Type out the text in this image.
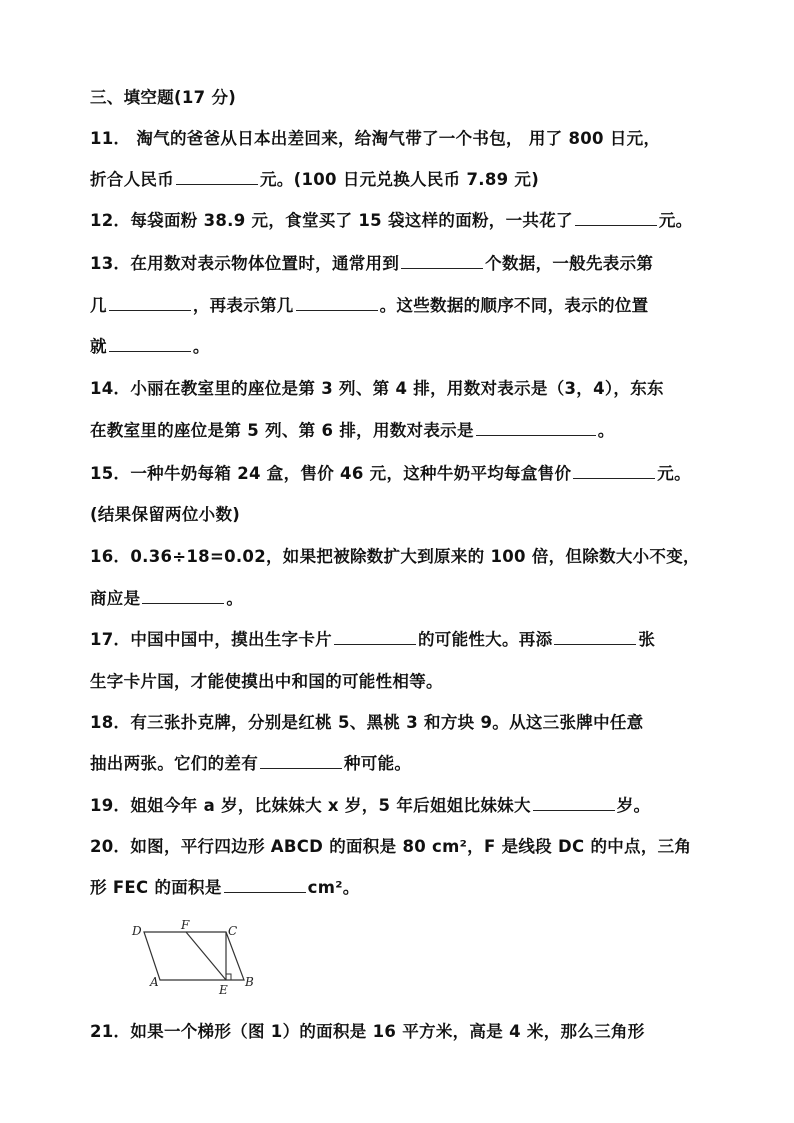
三、填空题(17 分)
11． 淘气的爸爸从日本出差回来，给淘气带了一个书包， 用了 800 日元，
折合人民币	元。(100 日元兑换人民币 7.89 元)
12．每袋面粉 38.9 元，食堂买了 15 袋这样的面粉，一共花了	元。
13．在用数对表示物体位置时，通常用到	个数据，一般先表示第
几	，再表示第几	。这些数据的顺序不同，表示的位置
就	。
14．小丽在教室里的座位是第 3 列、第 4 排，用数对表示是（3，4），东东
在教室里的座位是第 5 列、第 6 排，用数对表示是	。
15．一种牛奶每箱 24 盒，售价 46 元，这种牛奶平均每盒售价	元。
(结果保留两位小数)
16．0.36÷18=0.02，如果把被除数扩大到原来的 100 倍，但除数大小不变，
商应是	。
17．中国中国中，摸出生字卡片	的可能性大。再添	张
生字卡片国，才能使摸出中和国的可能性相等。
18．有三张扑克牌，分别是红桃 5、黑桃 3 和方块 9。从这三张牌中任意
抽出两张。它们的差有	种可能。
19．姐姐今年 a 岁，比妹妹大 x 岁，5 年后姐姐比妹妹大	岁。
20．如图，平行四边形 ABCD 的面积是 80 cm²，F 是线段 DC 的中点，三角
形 FEC 的面积是	cm²。
D	F	C
A
E
B
21．如果一个梯形（图 1）的面积是 16 平方米，高是 4 米，那么三角形
